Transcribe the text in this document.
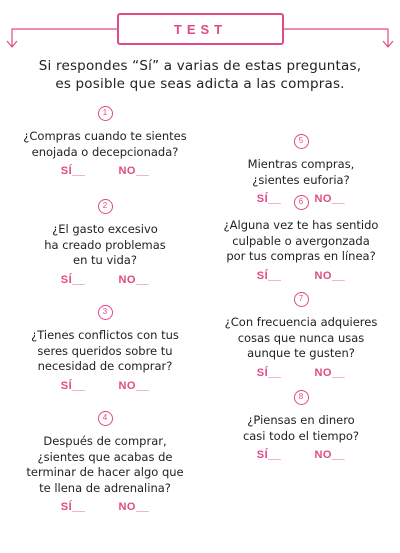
TEST
Si respondes “Sí” a varias de estas preguntas,
es posible que seas adicta a las compras.
1
¿Compras cuando te sientes
enojada o decepcionada?
SÍ__	NO__
2
¿El gasto excesivo
ha creado problemas
en tu vida?
SÍ__	NO__
3
¿Tienes conflictos con tus
seres queridos sobre tu
necesidad de comprar?
SÍ__	NO__
4
Después de comprar,
¿sientes que acabas de
terminar de hacer algo que
te llena de adrenalina?
SÍ__	NO__
5
Mientras compras,
¿sientes euforia?
SÍ__	NO__
6
¿Alguna vez te has sentido
culpable o avergonzada
por tus compras en línea?
SÍ__	NO__
7
¿Con frecuencia adquieres
cosas que nunca usas
aunque te gusten?
SÍ__	NO__
8
¿Piensas en dinero
casi todo el tiempo?
SÍ__	NO__
